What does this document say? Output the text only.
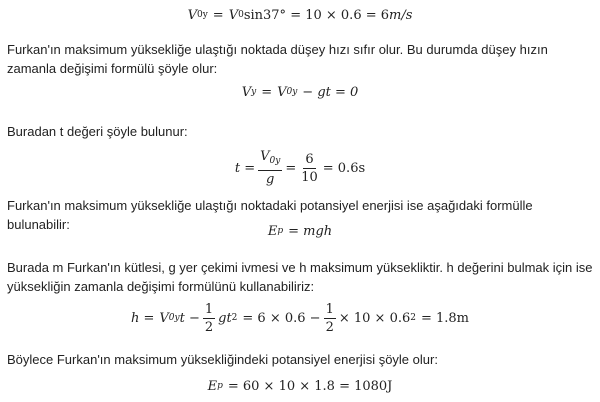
V 0y = V 0 sin37° = 10 × 0.6 = 6 m/s

Furkan'ın maksimum yüksekliğe ulaştığı noktada düşey hızı sıfır olur. Bu durumda düşey hızın zamanla değişimi formülü şöyle olur:

V y = V 0y − gt = 0

Buradan t değeri şöyle bulunur:

$t = \frac{V_{0y}}{g} = \frac{6}{10} = 0.6s$

Furkan'ın maksimum yüksekliğe ulaştığı noktadaki potansiyel enerjisi ise aşağıdaki formülle bulunabilir:	E p = mgh

Burada m Furkan'ın kütlesi, g yer çekimi ivmesi ve h maksimum yüksekliktir. h değerini bulmak için ise yüksekliğin zamanla değişimi formülünü kullanabiliriz:

h = V 0y $t - \frac{1}{2}$ gt $2 = 6 \times 0.6 - \frac{1}{2} \times 10 \times 0.6$ 2 = 1.8m

Böylece Furkan'ın maksimum yüksekliğindeki potansiyel enerjisi şöyle olur:

E p = 60 × 10 × 1.8 = 1080J
